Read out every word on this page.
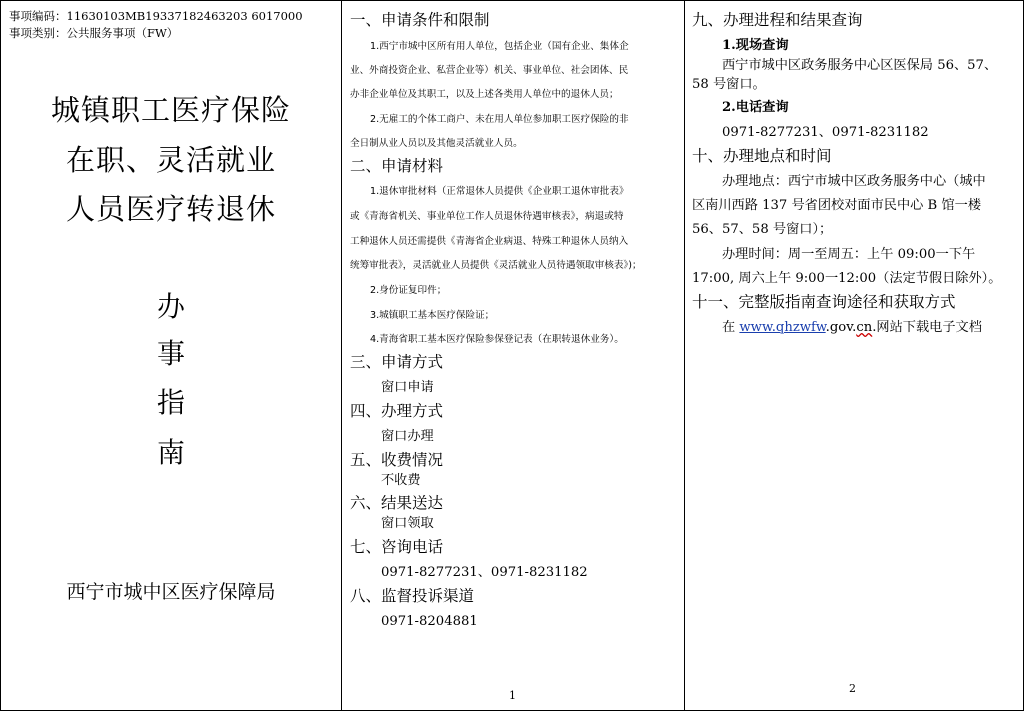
事项编码：11630103MB19337182463203 6017000
事项类别：公共服务事项（FW）
城镇职工医疗保险
在职、灵活就业
人员医疗转退休
办
事
指
南
西宁市城中区医疗保障局
一、申请条件和限制
1.西宁市城中区所有用人单位，包括企业（国有企业、集体企
业、外商投资企业、私营企业等）机关、事业单位、社会团体、民
办非企业单位及其职工，以及上述各类用人单位中的退休人员；
2.无雇工的个体工商户、未在用人单位参加职工医疗保险的非
全日制从业人员以及其他灵活就业人员。
二、申请材料
1.退休审批材料（正常退休人员提供《企业职工退休审批表》
或《青海省机关、事业单位工作人员退休待遇审核表》，病退或特
工种退休人员还需提供《青海省企业病退、特殊工种退休人员纳入
统筹审批表》，灵活就业人员提供《灵活就业人员待遇领取审核表》)；
2.身份证复印件；
3.城镇职工基本医疗保险证；
4.青海省职工基本医疗保险参保登记表（在职转退休业务）。
三、申请方式
窗口申请
四、办理方式
窗口办理
五、收费情况
不收费
六、结果送达
窗口领取
七、咨询电话
0971-8277231、0971-8231182
八、监督投诉渠道
0971-8204881
1
九、办理进程和结果查询
1.现场查询
西宁市城中区政务服务中心区医保局 56、57、
58 号窗口。
2.电话查询
0971-8277231、0971-8231182
十、办理地点和时间
办理地点：西宁市城中区政务服务中心（城中
区南川西路 137 号省团校对面市民中心 B 馆一楼
56、57、58 号窗口）；
办理时间：周一至周五：上午 09:00一下午
17:00, 周六上午 9:00一12:00（法定节假日除外）。
十一、完整版指南查询途径和获取方式
在 www.qhzwfw.gov.cn.网站下载电子文档
2
